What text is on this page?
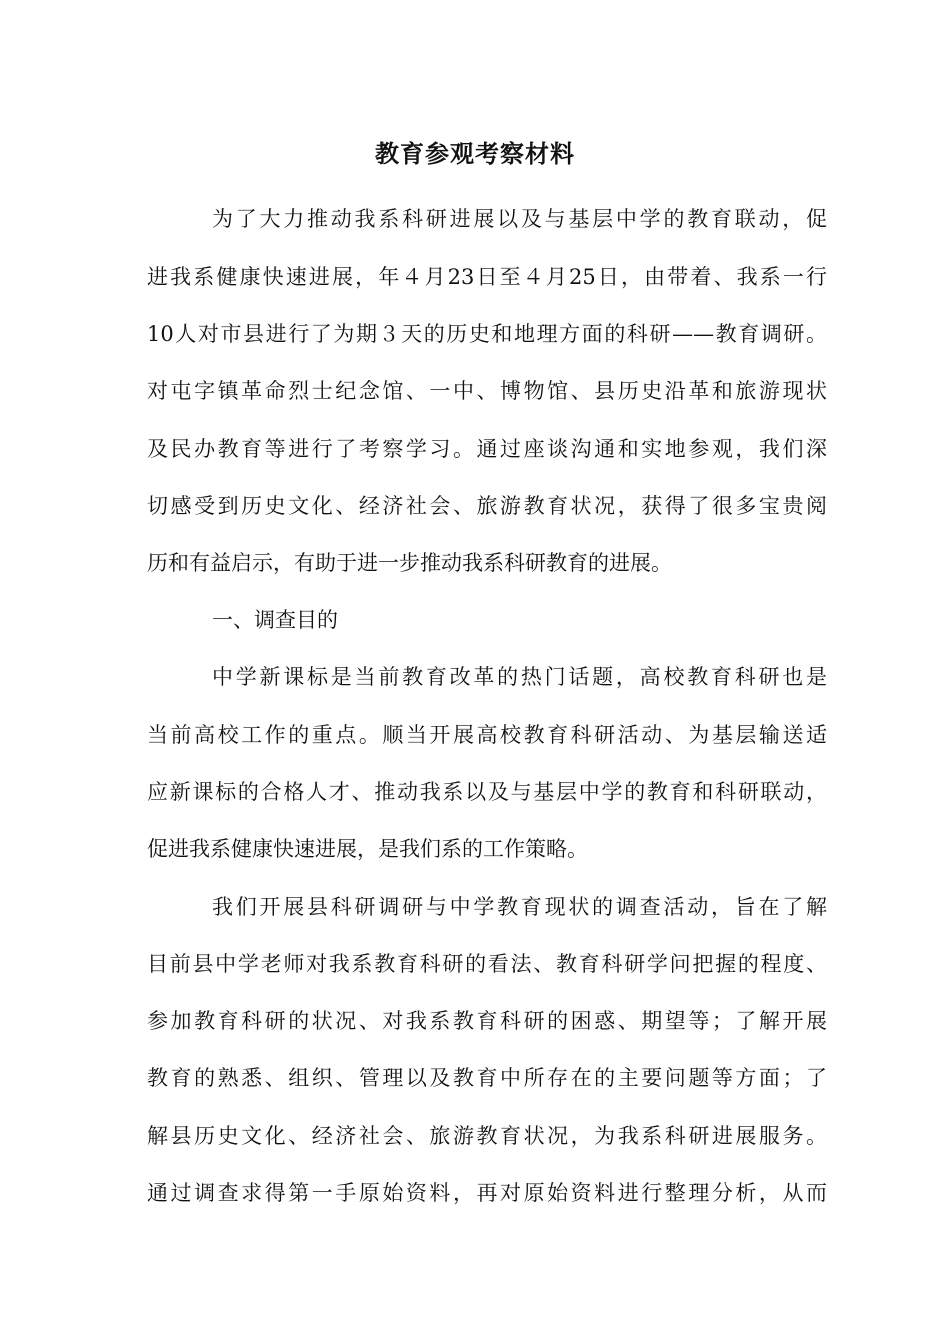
教育参观考察材料
为了大力推动我系科研进展以及与基层中学的教育联动，促
进我系健康快速进展，年４月23日至４月25日，由带着、我系一行
10人对市县进行了为期３天的历史和地理方面的科研——教育调研。
对屯字镇革命烈士纪念馆、一中、博物馆、县历史沿革和旅游现状
及民办教育等进行了考察学习。通过座谈沟通和实地参观，我们深
切感受到历史文化、经济社会、旅游教育状况，获得了很多宝贵阅
历和有益启示，有助于进一步推动我系科研教育的进展。
一、调查目的
中学新课标是当前教育改革的热门话题，高校教育科研也是
当前高校工作的重点。顺当开展高校教育科研活动、为基层输送适
应新课标的合格人才、推动我系以及与基层中学的教育和科研联动，
促进我系健康快速进展，是我们系的工作策略。
我们开展县科研调研与中学教育现状的调查活动，旨在了解
目前县中学老师对我系教育科研的看法、教育科研学问把握的程度、
参加教育科研的状况、对我系教育科研的困惑、期望等；了解开展
教育的熟悉、组织、管理以及教育中所存在的主要问题等方面；了
解县历史文化、经济社会、旅游教育状况，为我系科研进展服务。
通过调查求得第一手原始资料，再对原始资料进行整理分析，从而
